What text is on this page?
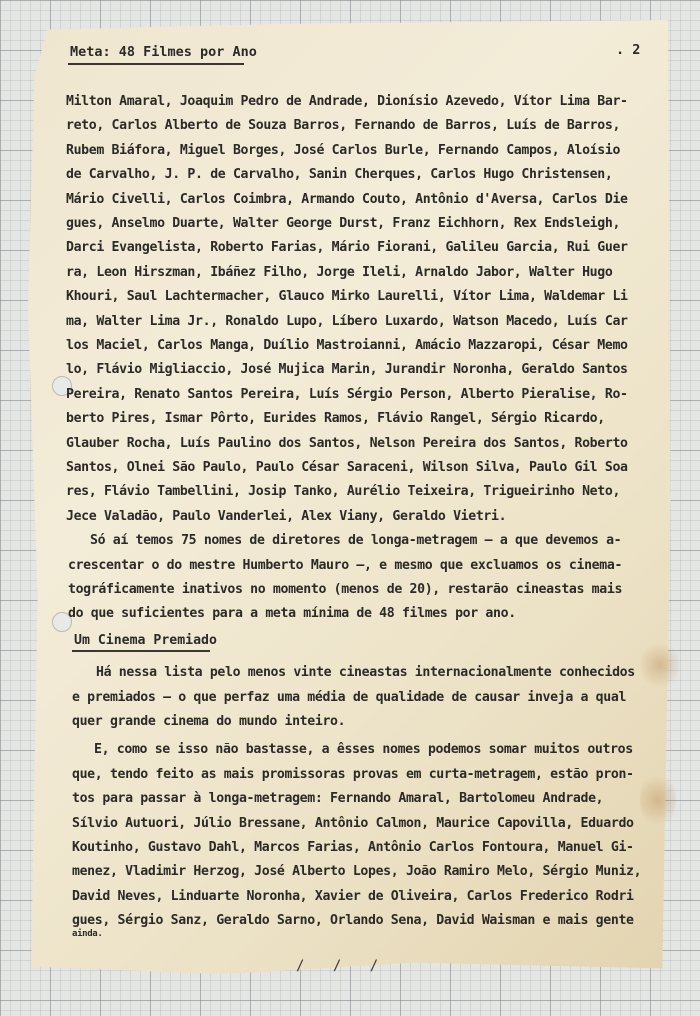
Meta: 48 Filmes por Ano	. 2
Milton Amaral, Joaquim Pedro de Andrade, Dionísio Azevedo, Vítor Lima Bar-
reto, Carlos Alberto de Souza Barros, Fernando de Barros, Luís de Barros,
Rubem Biáfora, Miguel Borges, José Carlos Burle, Fernando Campos, Aloísio
de Carvalho, J. P. de Carvalho, Sanin Cherques, Carlos Hugo Christensen,
Mário Civelli, Carlos Coimbra, Armando Couto, Antônio d'Aversa, Carlos Die
gues, Anselmo Duarte, Walter George Durst, Franz Eichhorn, Rex Endsleigh,
Darci Evangelista, Roberto Farias, Mário Fiorani, Galileu Garcia, Rui Guer
ra, Leon Hirszman, Ibáñez Filho, Jorge Ileli, Arnaldo Jabor, Walter Hugo
Khouri, Saul Lachtermacher, Glauco Mirko Laurelli, Vítor Lima, Waldemar Li
ma, Walter Lima Jr., Ronaldo Lupo, Líbero Luxardo, Watson Macedo, Luís Car
los Maciel, Carlos Manga, Duílio Mastroianni, Amácio Mazzaropi, César Memo
lo, Flávio Migliaccio, José Mujica Marin, Jurandir Noronha, Geraldo Santos
Pereira, Renato Santos Pereira, Luís Sérgio Person, Alberto Pieralise, Ro-
berto Pires, Ismar Pôrto, Eurides Ramos, Flávio Rangel, Sérgio Ricardo,
Glauber Rocha, Luís Paulino dos Santos, Nelson Pereira dos Santos, Roberto
Santos, Olnei São Paulo, Paulo César Saraceni, Wilson Silva, Paulo Gil Soa
res, Flávio Tambellini, Josip Tanko, Aurélio Teixeira, Trigueirinho Neto,
Jece Valadão, Paulo Vanderlei, Alex Viany, Geraldo Vietri.
Só aí temos 75 nomes de diretores de longa-metragem — a que devemos a-
crescentar o do mestre Humberto Mauro —, e mesmo que excluamos os cinema-
tográficamente inativos no momento (menos de 20), restarão cineastas mais
do que suficientes para a meta mínima de 48 filmes por ano.
Um Cinema Premiado
Há nessa lista pelo menos vinte cineastas internacionalmente conhecidos
e premiados — o que perfaz uma média de qualidade de causar inveja a qual
quer grande cinema do mundo inteiro.
E, como se isso não bastasse, a êsses nomes podemos somar muitos outros
que, tendo feito as mais promissoras provas em curta-metragem, estão pron-
tos para passar à longa-metragem: Fernando Amaral, Bartolomeu Andrade,
Sílvio Autuori, Júlio Bressane, Antônio Calmon, Maurice Capovilla, Eduardo
Koutinho, Gustavo Dahl, Marcos Farias, Antônio Carlos Fontoura, Manuel Gi-
menez, Vladimir Herzog, José Alberto Lopes, João Ramiro Melo, Sérgio Muniz,
David Neves, Linduarte Noronha, Xavier de Oliveira, Carlos Frederico Rodri
gues, Sérgio Sanz, Geraldo Sarno, Orlando Sena, David Waisman e mais gente
ainda.
/ / /
